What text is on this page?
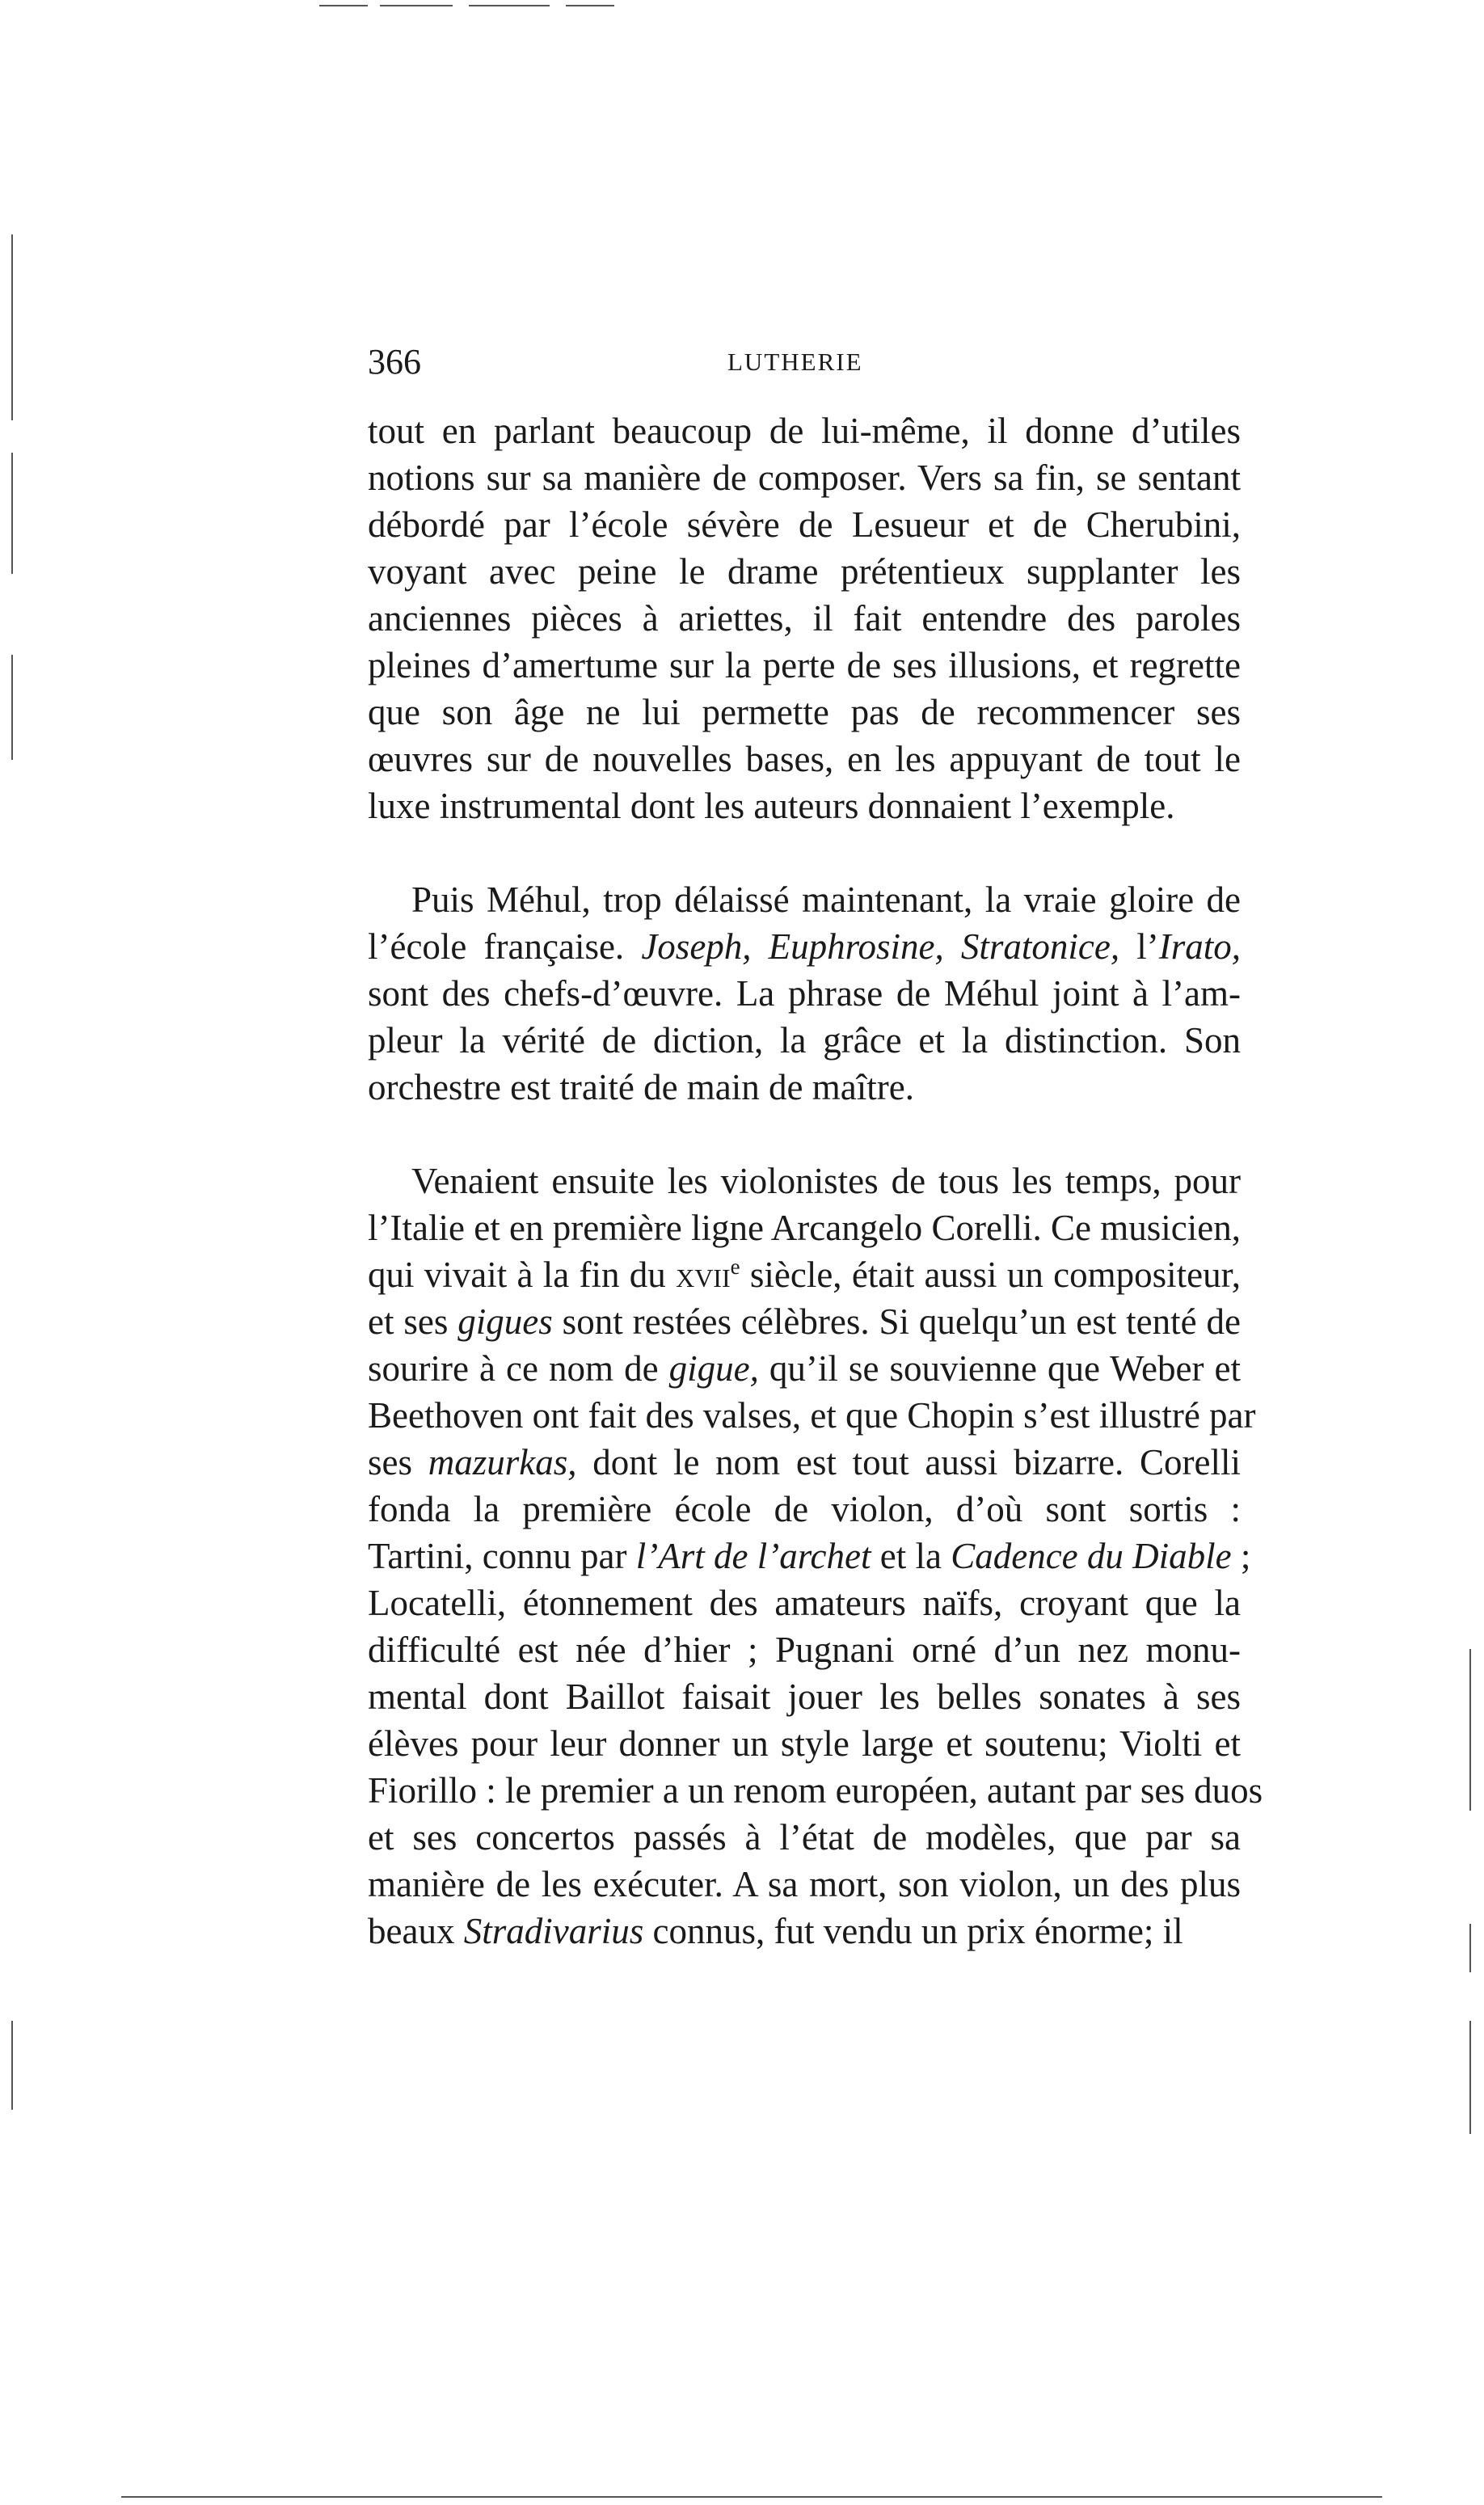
366	LUTHERIE
tout en parlant beaucoup de lui-même, il donne d’utiles
notions sur sa manière de composer. Vers sa fin, se sentant
débordé par l’école sévère de Lesueur et de Cherubini,
voyant avec peine le drame prétentieux supplanter les
anciennes pièces à ariettes, il fait entendre des paroles
pleines d’amertume sur la perte de ses illusions, et regrette
que son âge ne lui permette pas de recommencer ses
œuvres sur de nouvelles bases, en les appuyant de tout le
luxe instrumental dont les auteurs donnaient l’exemple.
Puis Méhul, trop délaissé maintenant, la vraie gloire de
l’école française. Joseph, Euphrosine, Stratonice, l’Irato,
sont des chefs-d’œuvre. La phrase de Méhul joint à l’am-
pleur la vérité de diction, la grâce et la distinction. Son
orchestre est traité de main de maître.
Venaient ensuite les violonistes de tous les temps, pour
l’Italie et en première ligne Arcangelo Corelli. Ce musicien,
qui vivait à la fin du xvii$^e$ siècle, était aussi un compositeur,
et ses gigues sont restées célèbres. Si quelqu’un est tenté de
sourire à ce nom de gigue, qu’il se souvienne que Weber et
Beethoven ont fait des valses, et que Chopin s’est illustré par
ses mazurkas, dont le nom est tout aussi bizarre. Corelli
fonda la première école de violon, d’où sont sortis :
Tartini, connu par l’Art de l’archet et la Cadence du Diable ;
Locatelli, étonnement des amateurs naïfs, croyant que la
difficulté est née d’hier ; Pugnani orné d’un nez monu-
mental dont Baillot faisait jouer les belles sonates à ses
élèves pour leur donner un style large et soutenu; Violti et
Fiorillo : le premier a un renom européen, autant par ses duos
et ses concertos passés à l’état de modèles, que par sa
manière de les exécuter. A sa mort, son violon, un des plus
beaux Stradivarius connus, fut vendu un prix énorme; il
